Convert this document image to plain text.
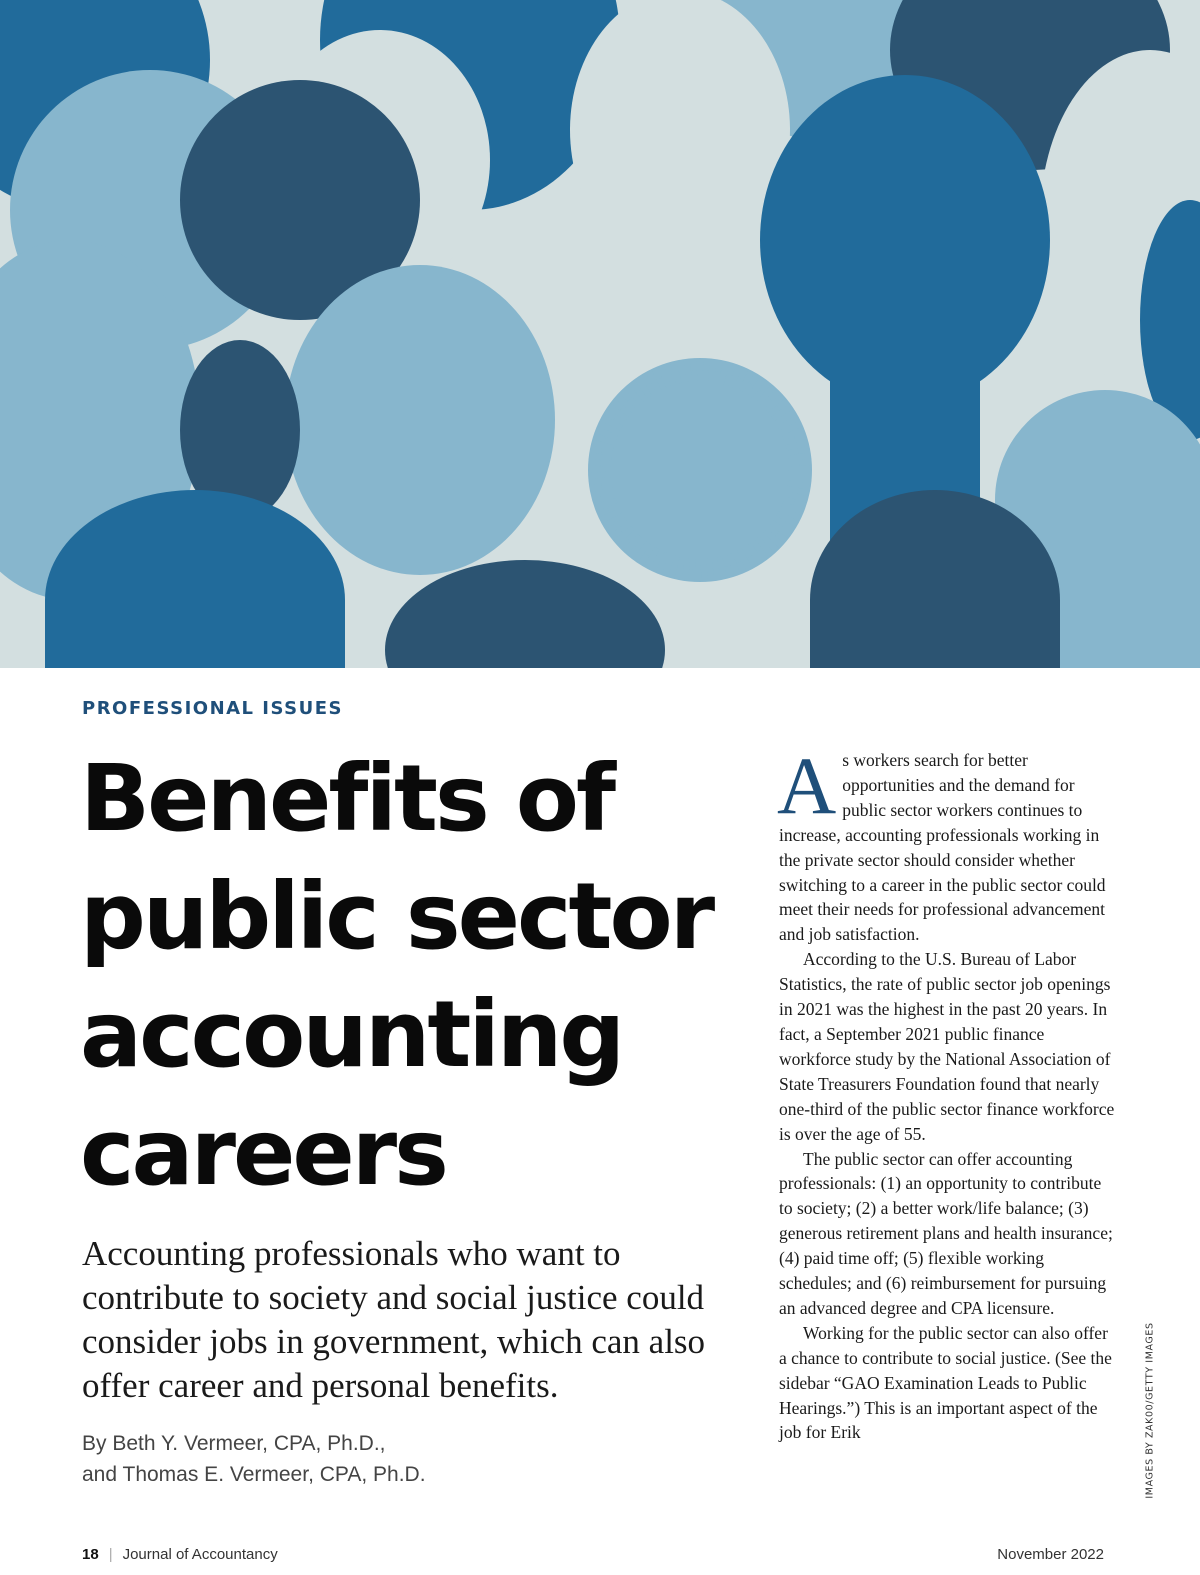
PROFESSIONAL ISSUES
Benefits of public sector accounting careers

Accounting professionals who want to contribute to society and social justice could consider jobs in government, which can also offer career and personal benefits.

By Beth Y. Vermeer, CPA, Ph.D.,
and Thomas E. Vermeer, CPA, Ph.D.

As workers search for better opportunities and the demand for public sector workers continues to increase, accounting professionals working in the private sector should consider whether switching to a career in the public sector could meet their needs for professional advancement and job satisfaction.

According to the U.S. Bureau of Labor Statistics, the rate of public sector job openings in 2021 was the highest in the past 20 years. In fact, a September 2021 public finance workforce study by the National Association of State Treasurers Foundation found that nearly one-third of the public sector finance workforce is over the age of 55.

The public sector can offer accounting professionals: (1) an opportunity to contribute to society; (2) a better work/life balance; (3) generous retirement plans and health insurance; (4) paid time off; (5) flexible working schedules; and (6) reimbursement for pursuing an advanced degree and CPA licensure.

Working for the public sector can also offer a chance to contribute to social justice. (See the sidebar “GAO Examination Leads to Public Hearings.”) This is an important aspect of the job for Erik	IMAGES BY ZAK00/GETTY IMAGES
18 | Journal of Accountancy	November 2022
